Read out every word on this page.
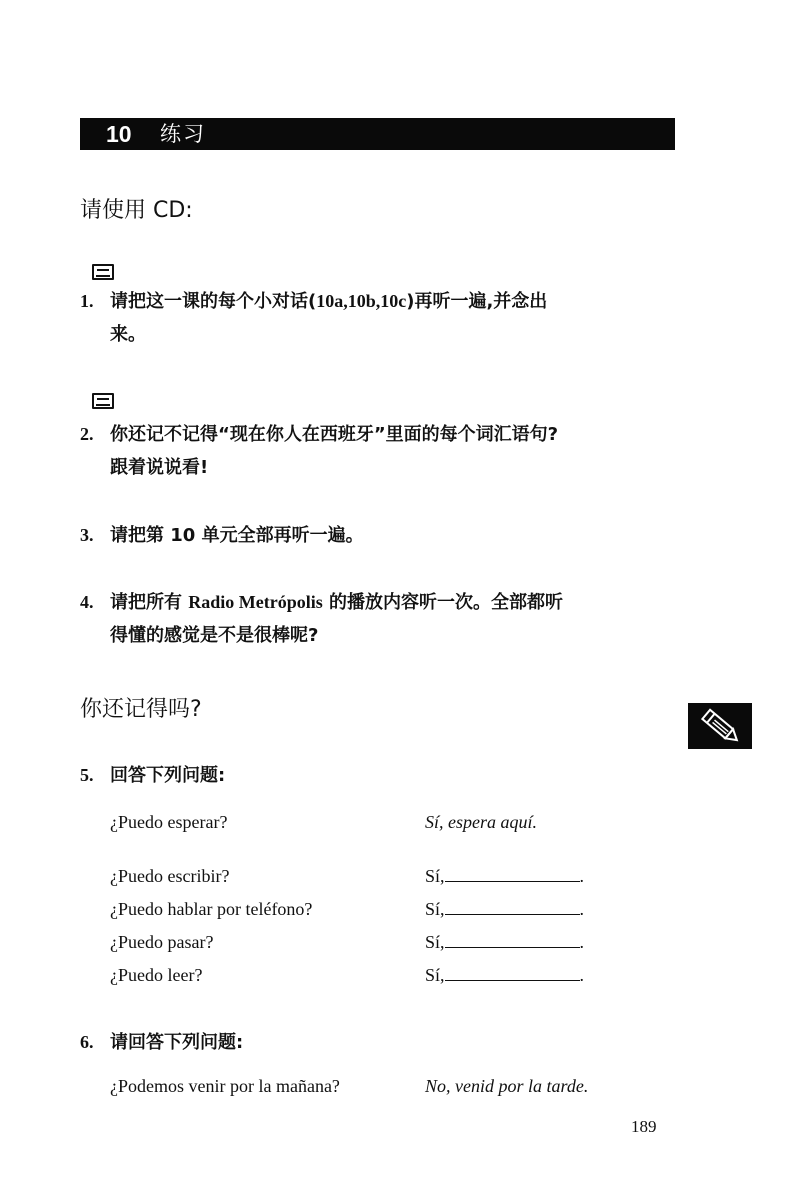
10 练习
请使用 CD:
1. 请把这一课的每个小对话(10a,10b,10c)再听一遍,并念出
来。
2. 你还记不记得“现在你人在西班牙”里面的每个词汇语句?
跟着说说看!
3. 请把第 10 单元全部再听一遍。
4. 请把所有 Radio Metrópolis 的播放内容听一次。全部都听
得懂的感觉是不是很棒呢?
你还记得吗?
5. 回答下列问题:
¿Puedo esperar?	Sí, espera aquí.
¿Puedo escribir?	Sí,	.
¿Puedo hablar por teléfono?	Sí,	.
¿Puedo pasar?	Sí,	.
¿Puedo leer?	Sí,	.
6. 请回答下列问题:
¿Podemos venir por la mañana?	No, venid por la tarde.
189
